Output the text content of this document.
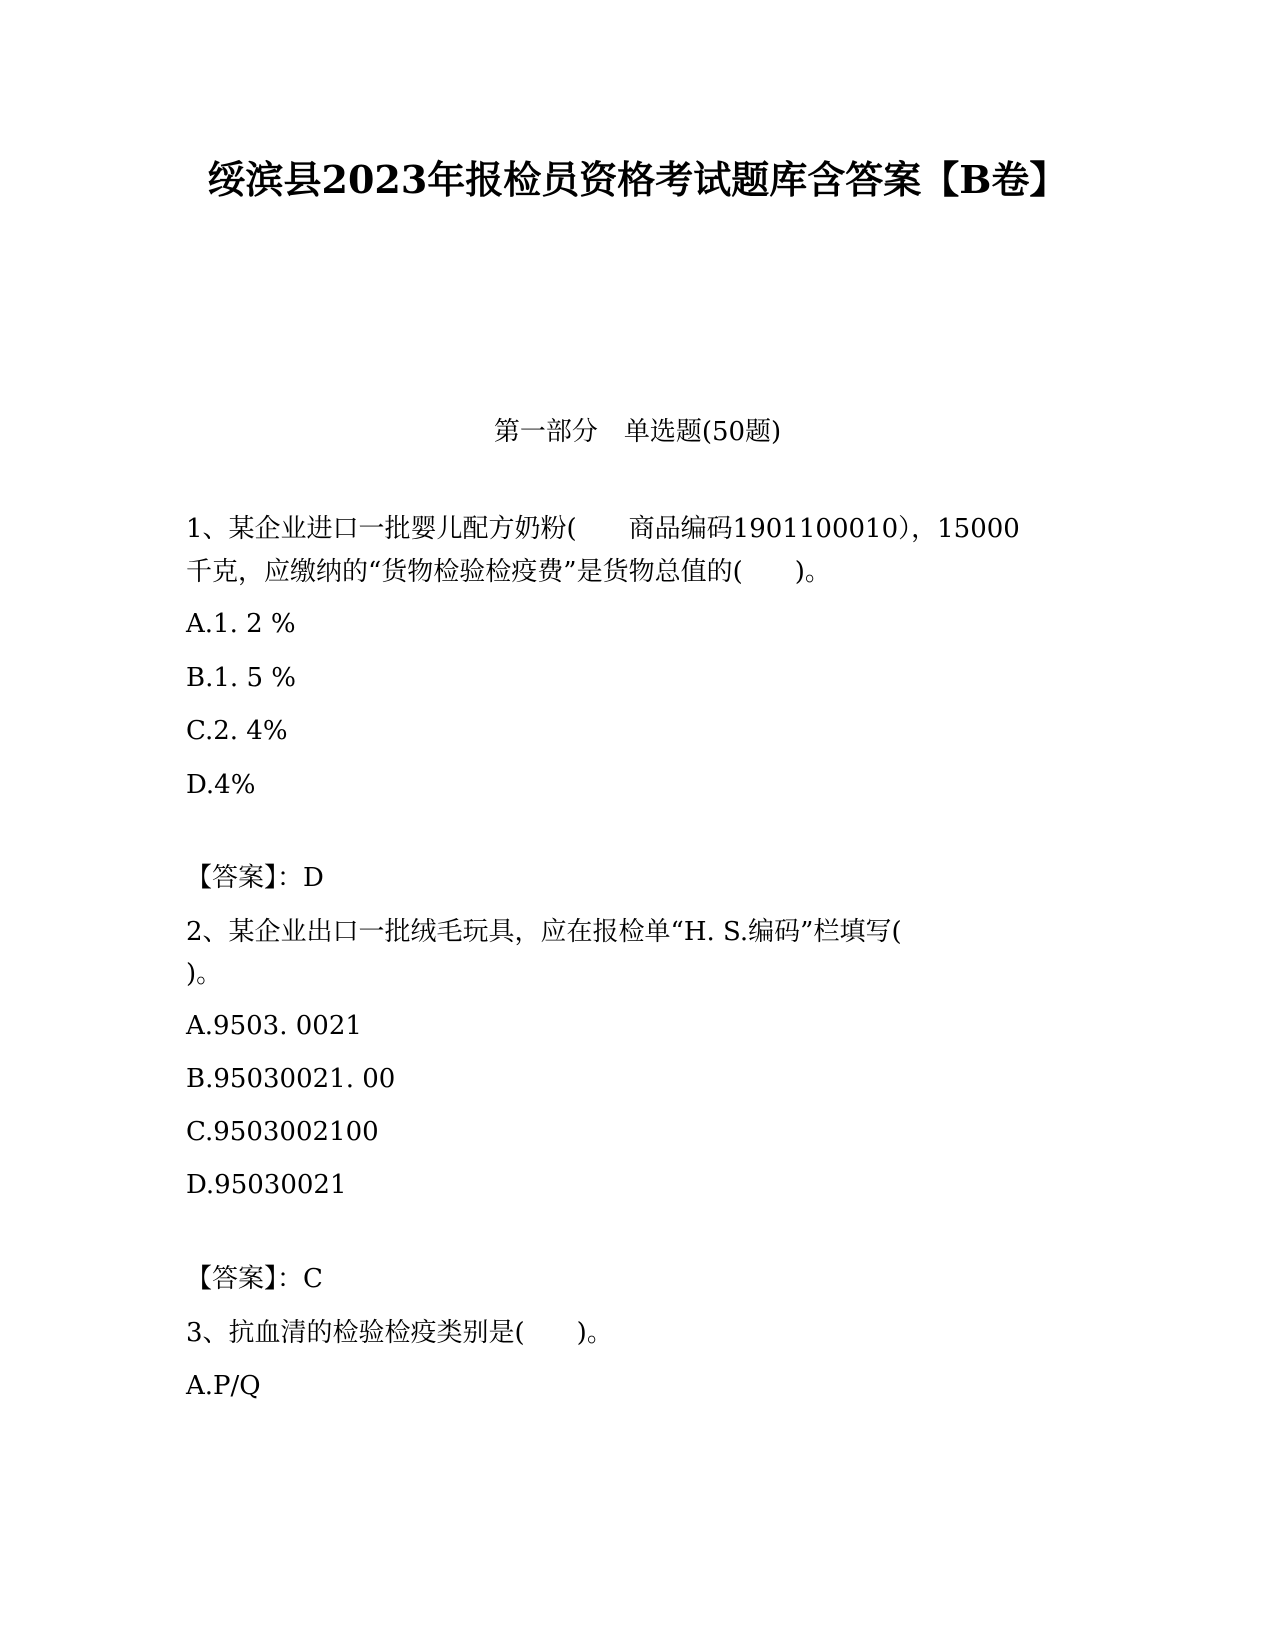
绥滨县2023年报检员资格考试题库含答案【B卷】
第一部分　单选题(50题)
1、某企业进口一批婴儿配方奶粉(　　商品编码1901100010），15000
千克，应缴纳的“货物检验检疫费”是货物总值的(　　)。
A.1. 2 %
B.1. 5 %
C.2. 4%
D.4%
【答案】：D
2、某企业出口一批绒毛玩具，应在报检单“H. S.编码”栏填写(
)。
A.9503. 0021
B.95030021. 00
C.9503002100
D.95030021
【答案】：C
3、抗血清的检验检疫类别是(　　)。
A.P/Q
